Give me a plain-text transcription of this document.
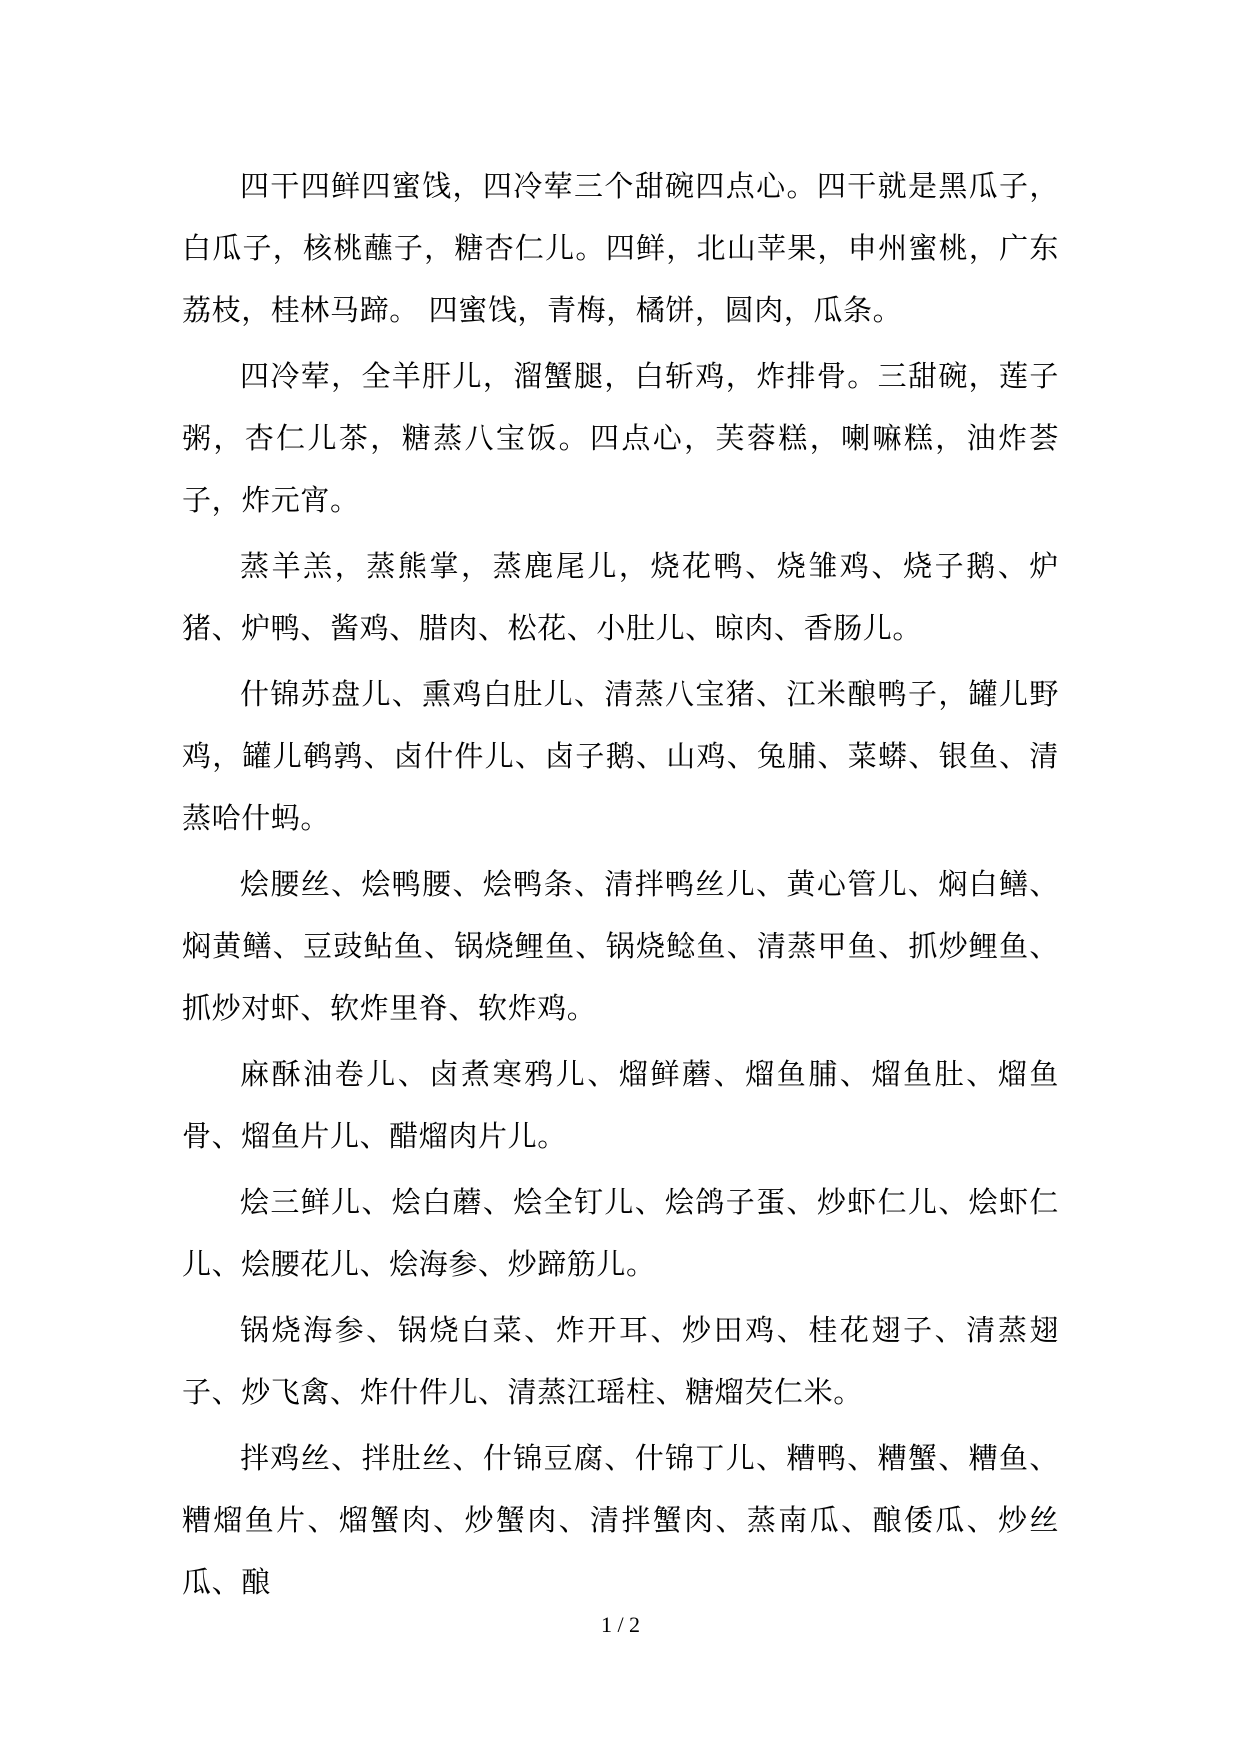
四干四鲜四蜜饯，四冷荤三个甜碗四点心。四干就是黑瓜子，白瓜子，核桃蘸子，糖杏仁儿。四鲜，北山苹果，申州蜜桃，广东荔枝，桂林马蹄。 四蜜饯，青梅，橘饼，圆肉，瓜条。

四冷荤，全羊肝儿，溜蟹腿，白斩鸡，炸排骨。三甜碗，莲子粥，杏仁儿茶，糖蒸八宝饭。四点心，芙蓉糕，喇嘛糕，油炸荟子，炸元宵。

蒸羊羔，蒸熊掌，蒸鹿尾儿，烧花鸭、烧雏鸡、烧子鹅、炉猪、炉鸭、酱鸡、腊肉、松花、小肚儿、晾肉、香肠儿。

什锦苏盘儿、熏鸡白肚儿、清蒸八宝猪、江米酿鸭子，罐儿野鸡，罐儿鹌鹑、卤什件儿、卤子鹅、山鸡、兔脯、菜蟒、银鱼、清蒸哈什蚂。

烩腰丝、烩鸭腰、烩鸭条、清拌鸭丝儿、黄心管儿、焖白鳝、焖黄鳝、豆豉鲇鱼、锅烧鲤鱼、锅烧鲶鱼、清蒸甲鱼、抓炒鲤鱼、抓炒对虾、软炸里脊、软炸鸡。

麻酥油卷儿、卤煮寒鸦儿、熘鲜蘑、熘鱼脯、熘鱼肚、熘鱼骨、熘鱼片儿、醋熘肉片儿。

烩三鲜儿、烩白蘑、烩全钉儿、烩鸽子蛋、炒虾仁儿、烩虾仁儿、烩腰花儿、烩海参、炒蹄筋儿。

锅烧海参、锅烧白菜、炸开耳、炒田鸡、桂花翅子、清蒸翅子、炒飞禽、炸什件儿、清蒸江瑶柱、糖熘芡仁米。

拌鸡丝、拌肚丝、什锦豆腐、什锦丁儿、糟鸭、糟蟹、糟鱼、糟熘鱼片、熘蟹肉、炒蟹肉、清拌蟹肉、蒸南瓜、酿倭瓜、炒丝瓜、酿

1 / 2
